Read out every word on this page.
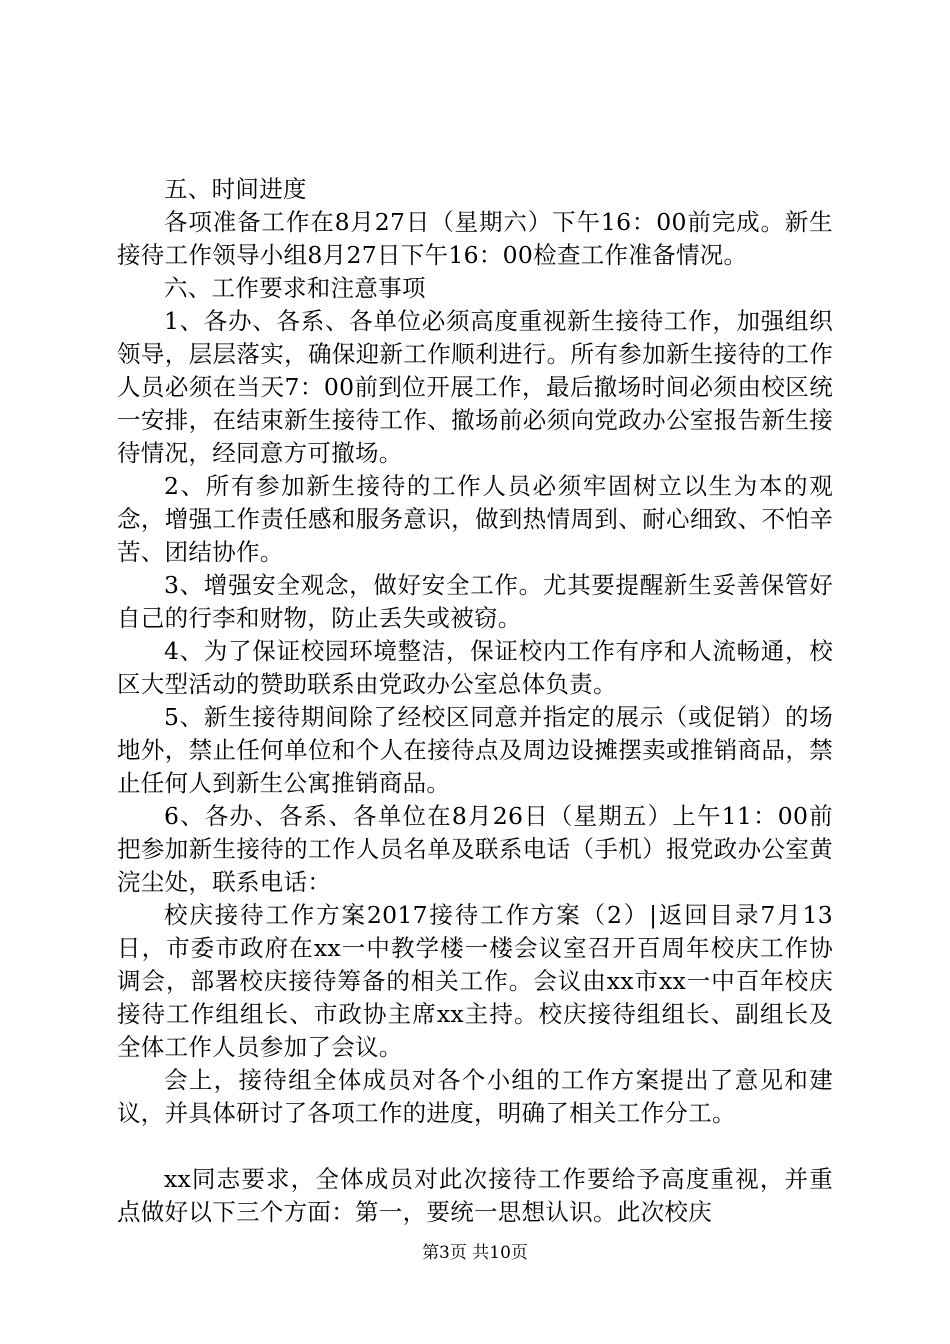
五、时间进度

各项准备工作在8月27日（星期六）下午16：00前完成。新生接待工作领导小组8月27日下午16：00检查工作准备情况。

六、工作要求和注意事项

1、各办、各系、各单位必须高度重视新生接待工作，加强组织领导，层层落实，确保迎新工作顺利进行。所有参加新生接待的工作人员必须在当天7：00前到位开展工作，最后撤场时间必须由校区统一安排，在结束新生接待工作、撤场前必须向党政办公室报告新生接待情况，经同意方可撤场。

2、所有参加新生接待的工作人员必须牢固树立以生为本的观念，增强工作责任感和服务意识，做到热情周到、耐心细致、不怕辛苦、团结协作。

3、增强安全观念，做好安全工作。尤其要提醒新生妥善保管好自己的行李和财物，防止丢失或被窃。

4、为了保证校园环境整洁，保证校内工作有序和人流畅通，校区大型活动的赞助联系由党政办公室总体负责。

5、新生接待期间除了经校区同意并指定的展示（或促销）的场地外，禁止任何单位和个人在接待点及周边设摊摆卖或推销商品，禁止任何人到新生公寓推销商品。

6、各办、各系、各单位在8月26日（星期五）上午11：00前把参加新生接待的工作人员名单及联系电话（手机）报党政办公室黄浣尘处，联系电话：

校庆接待工作方案2017接待工作方案（2）|返回目录7月13日，市委市政府在xx一中教学楼一楼会议室召开百周年校庆工作协调会，部署校庆接待筹备的相关工作。会议由xx市xx一中百年校庆接待工作组组长、市政协主席xx主持。校庆接待组组长、副组长及全体工作人员参加了会议。

会上，接待组全体成员对各个小组的工作方案提出了意见和建议，并具体研讨了各项工作的进度，明确了相关工作分工。

xx同志要求，全体成员对此次接待工作要给予高度重视，并重点做好以下三个方面：第一，要统一思想认识。此次校庆

第3页 共10页
